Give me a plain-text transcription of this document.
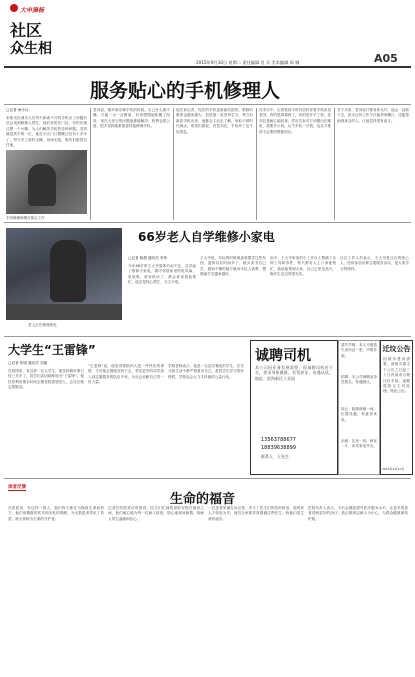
大申滴杨
社区
众生相
2015年9月10日 星期二 责任编辑 肖 兵 美术编辑 周 娜	A05
服务贴心的手机修理人
□记者 徐小兵
本报讯在城市人们每天都离不开的手机出了问题后总会找到修理人帮忙，他们有的在门店，有的在街边摆一个小摊，为人们解决手机的各种问题。老刘就是其中的一位，他在小区门口摆摊已经有十多年了，每天早上准时出摊，风雨无阻，街坊们都很信任他。
手机修理师傅在街头工作
老刘说，刚开始学修手机的时候，自己什么都不懂，只能一点一点摸索，后来慢慢地积累了经验，现在大部分的问题他都能解决，收费也很公道，很多老顾客都愿意找他修理手机。
他告诉记者，现在的手机更新换代很快，维修的难度也越来越大，但是他一直坚持学习，每当有新款手机出来，他都会主动去了解，争取不被时代淘汰。邻居们都说，有老刘在，手机坏了也不用着急。
在采访中，记者看到不时有居民拿着手机来找老刘，有的是屏幕碎了，有的是开不了机，老刘总是耐心地检查，然后告诉对方问题出在哪里，需要多少钱，从不多收一分钱，也从不推荐不必要的维修项目。
对于未来，老刘说只要身体允许，他会一直做下去，因为这份工作不仅能养家糊口，还能帮助到身边的人，让他觉得很有意义。
老人正在修理家电
66岁老人自学维修小家电
□记者 陈晨 通讯员 李华
今年66岁的王大爷退休后闲不住，自学起了维修小家电，街坊邻居家里的电风扇、电饭煲、收音机坏了，都会拿来请他帮忙，他总是热心帮忙，分文不取。
王大爷说，年轻的时候就喜欢摆弄这些东西，退休以后时间多了，就买来书自己学，遇到不懂的地方就向年轻人请教，慢慢地手艺越来越好。
如今，王大爷家里的小工作台上摆满了各种工具和零件，每天都有人上门请他帮忙，他说能帮到大家，自己心里也高兴，晚年生活过得很充实。
社区工作人员表示，王大爷是社区的热心人，经常参加各种志愿服务活动，是大家学习的榜样。
大学生“王雷锋”
□记者 张明 通讯员 刘丽
在校园里，有这样一位大学生，他坚持做好事已经三年多了，同学们亲切地称他为“王雷锋”。他经常利用课余时间去敬老院看望老人，去社区做志愿服务。
“王雷锋”说，他觉得帮助别人是一件快乐的事情，今后他会继续坚持下去，带动更多的同学加入到志愿服务的队伍中来，为社会贡献自己的一份力量。
学校老师表示，他是一名品学兼优的学生，在学习和生活中都严格要求自己，是同学们学习的好榜样，学校也会大力支持他的公益行动。
诚聘司机
本公司因业务发展需要，现诚聘司机若干名，要求身体健康，有驾驶证，待遇从优。地址：滨海新区工业园
13563788677
18839638899
联系人：王先生
遗失声明：本人不慎遗失身份证一张，声明作废。
招聘：本公司诚聘业务员数名，待遇面议。
转让：临街商铺一间，位置优越，有意者来电。
出租：住房一套，两室一厅，家具家电齐全。
迁坟公告
因城市建设需要，请相关墓主于公告之日起三十日内前来办理迁坟手续，逾期将按无主坟处理。特此公告。
2015年9月10日
读者反馈
生命的福音
在医院里，有这样一群人，他们每天都在为挽救生命而努力，他们用精湛的医术和无私的奉献，为无数患者带来了希望，被大家称为生命的守护者。
记者在医院采访时看到，医生们忙碌的身影穿梭在病房之间，他们耐心地为每一位病人检查，细心地询问病情，给病人带去温暖和信心。
一位患者家属告诉记者，多亏了医生们的及时救治，他的家人才转危为安，他们全家都非常感谢这些医生，称他们是生命的福音。
医院负责人表示，今后会继续提升医疗服务水平，让更多的患者得到更好的治疗，真正做到以病人为中心，为群众健康保驾护航。
